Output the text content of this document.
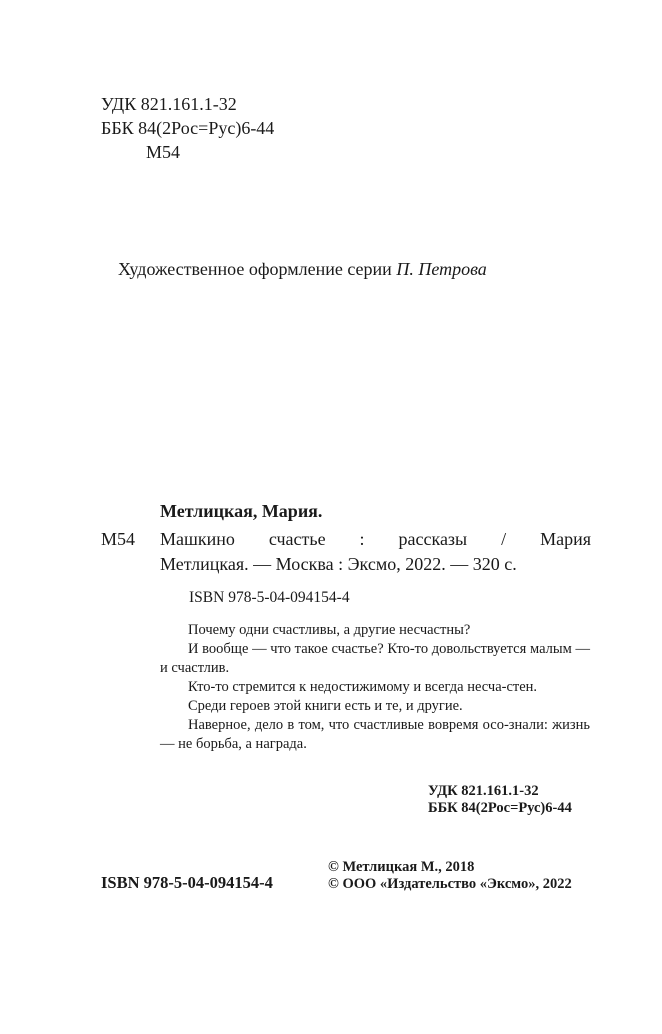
УДК 821.161.1-32
ББК 84(2Рос=Рус)6-44
М54
Художественное оформление серии П. Петрова
Метлицкая, Мария.
М54 Машкино счастье : рассказы / Мария
Метлицкая. — Москва : Эксмо, 2022. — 320 с.
ISBN 978-5-04-094154-4

Почему одни счастливы, а другие несчастны?

И вообще — что такое счастье? Кто-то довольствуется малым — и счастлив.

Кто-то стремится к недостижимому и всегда несча-стен.

Среди героев этой книги есть и те, и другие.

Наверное, дело в том, что счастливые вовремя осо-знали: жизнь — не борьба, а награда.

УДК 821.161.1-32
ББК 84(2Рос=Рус)6-44
© Метлицкая М., 2018
ISBN 978-5-04-094154-4	© ООО «Издательство «Эксмо», 2022
